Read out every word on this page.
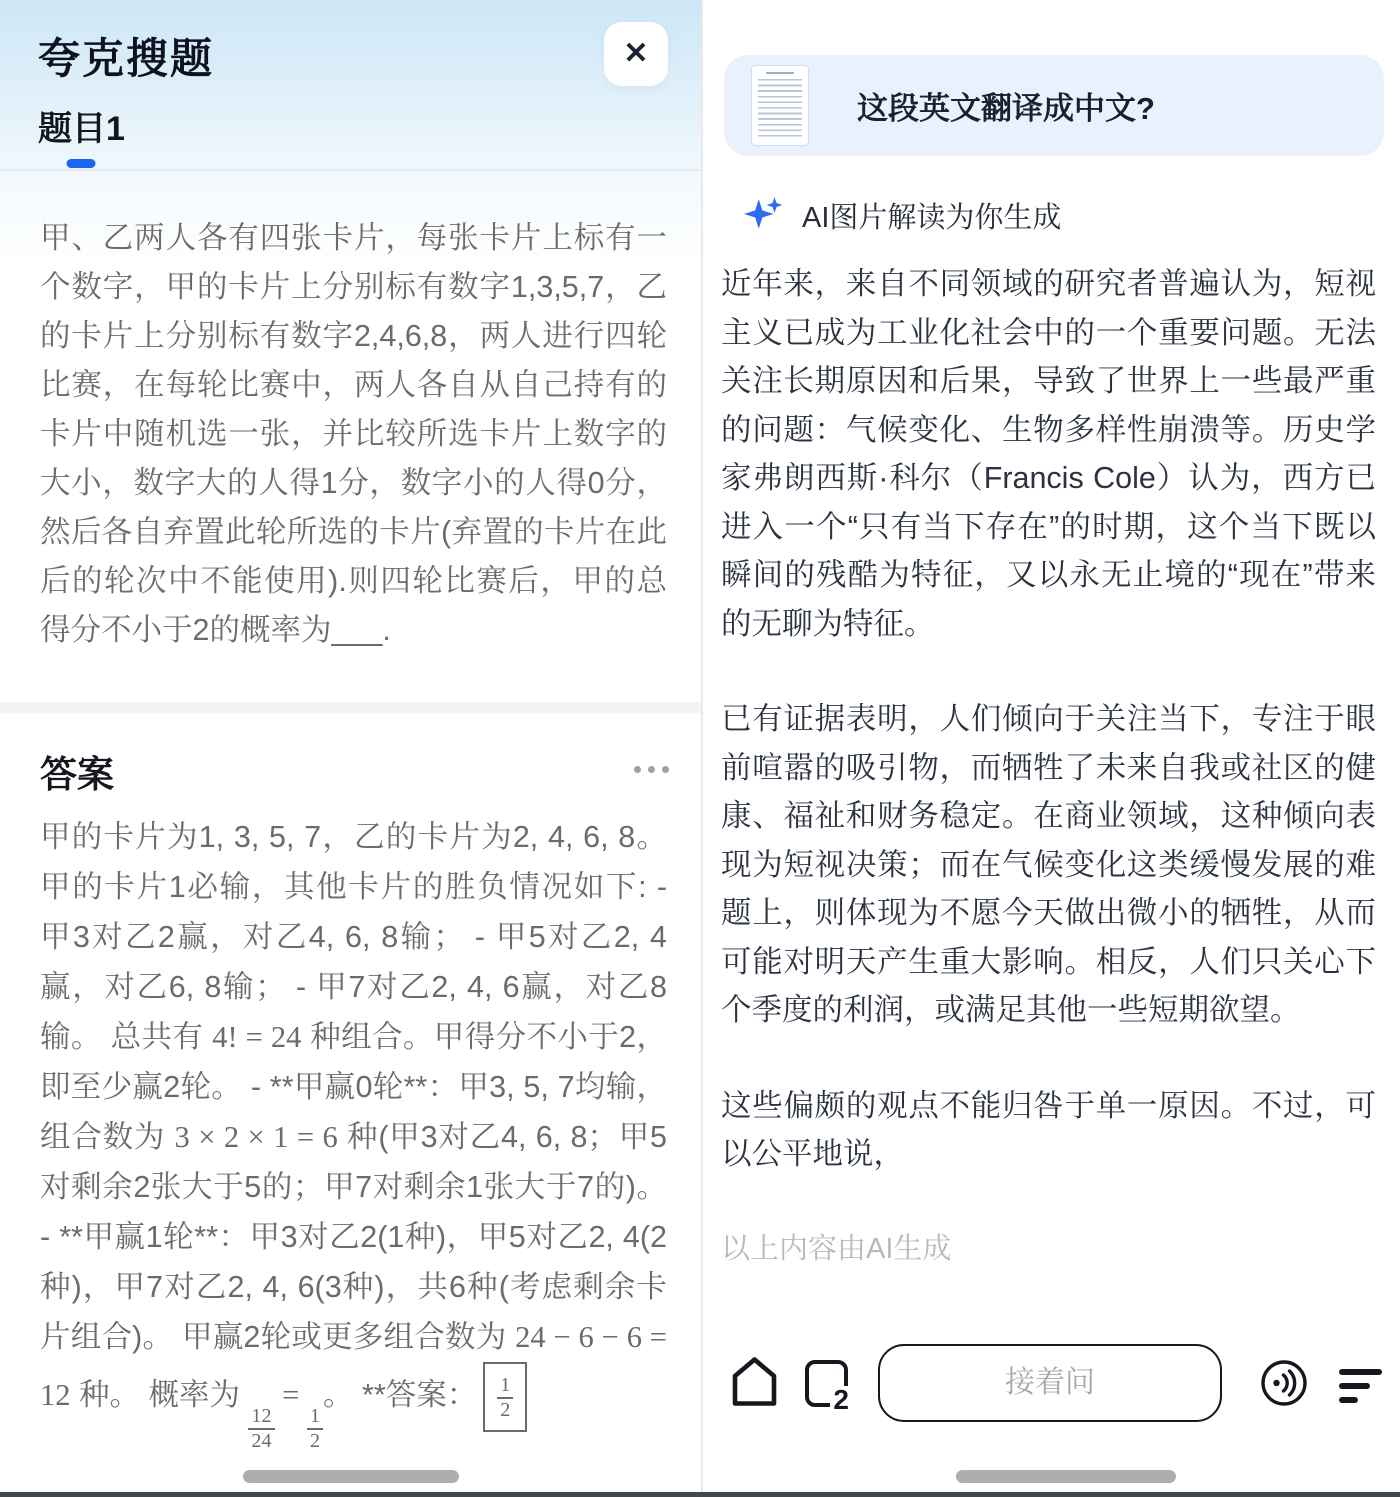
夸克搜题	✕
题目1

甲、乙两人各有四张卡片，每张卡片上标有一个数字，甲的卡片上分别标有数字1,3,5,7，乙的卡片上分别标有数字2,4,6,8，两人进行四轮比赛，在每轮比赛中，两人各自从自己持有的卡片中随机选一张，并比较所选卡片上数字的大小，数字大的人得1分，数字小的人得0分，然后各自弃置此轮所选的卡片(弃置的卡片在此后的轮次中不能使用).则四轮比赛后，甲的总得分不小于2的概率为___.

答案
甲的卡片为1, 3, 5, 7，乙的卡片为2, 4, 6, 8。甲的卡片1必输，其他卡片的胜负情况如下: - 甲3对乙2赢，对乙4, 6, 8输； - 甲5对乙2, 4赢，对乙6, 8输； - 甲7对乙2, 4, 6赢，对乙8输。 总共有 4! = 24 种组合。甲得分不小于2，即至少赢2轮。 - **甲赢0轮**：甲3, 5, 7均输，组合数为 3 × 2 × 1 = 6 种(甲3对乙4, 6, 8；甲5对剩余2张大于5的；甲7对剩余1张大于7的)。 - **甲赢1轮**：甲3对乙2(1种)，甲5对乙2, 4(2种)，甲7对乙2, 4, 6(3种)，共6种(考虑剩余卡片组合)。 甲赢2轮或更多组合数为 24 − 6 − 6 = 12 种。 概率为
$\frac{12}{24}$
=
$\frac{1}{2}$
。 **答案： $\frac{1}{2}$
这段英文翻译成中文?
AI图片解读为你生成

近年来，来自不同领域的研究者普遍认为，短视主义已成为工业化社会中的一个重要问题。无法关注长期原因和后果，导致了世界上一些最严重的问题：气候变化、生物多样性崩溃等。历史学家弗朗西斯·科尔（Francis Cole）认为，西方已进入一个“只有当下存在”的时期，这个当下既以瞬间的残酷为特征，又以永无止境的“现在”带来的无聊为特征。

已有证据表明，人们倾向于关注当下，专注于眼前喧嚣的吸引物，而牺牲了未来自我或社区的健康、福祉和财务稳定。在商业领域，这种倾向表现为短视决策；而在气候变化这类缓慢发展的难题上，则体现为不愿今天做出微小的牺牲，从而可能对明天产生重大影响。相反，人们只关心下个季度的利润，或满足其他一些短期欲望。

这些偏颇的观点不能归咎于单一原因。不过，可以公平地说，

以上内容由AI生成
2
接着问
